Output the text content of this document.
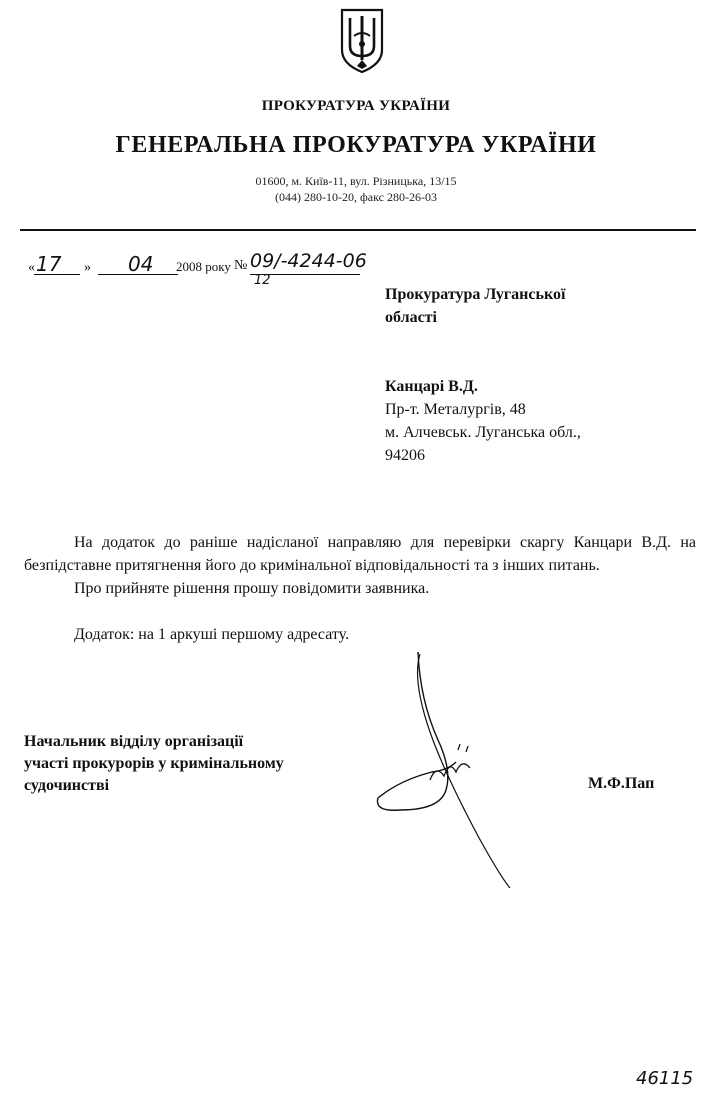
ПРОКУРАТУРА УКРАЇНИ
ГЕНЕРАЛЬНА ПРОКУРАТУРА УКРАЇНИ
01600, м. Київ-11, вул. Різницька, 13/15
(044) 280-10-20, факс 280-26-03
« 17 » 04 2008 року № 09/-4244-06
12
Прокуратура Луганської
області
Канцарі В.Д.
Пр-т. Металургів, 48
м. Алчевськ. Луганська обл.,
94206

На додаток до раніше надісланої направляю для перевірки скаргу Канцари В.Д. на безпідставне притягнення його до кримінальної відповідальності та з інших питань.

Про прийняте рішення прошу повідомити заявника.

Додаток: на 1 аркуші першому адресату.

Начальник відділу організації
участі прокурорів у кримінальному
судочинстві	М.Ф.Пап
46115
